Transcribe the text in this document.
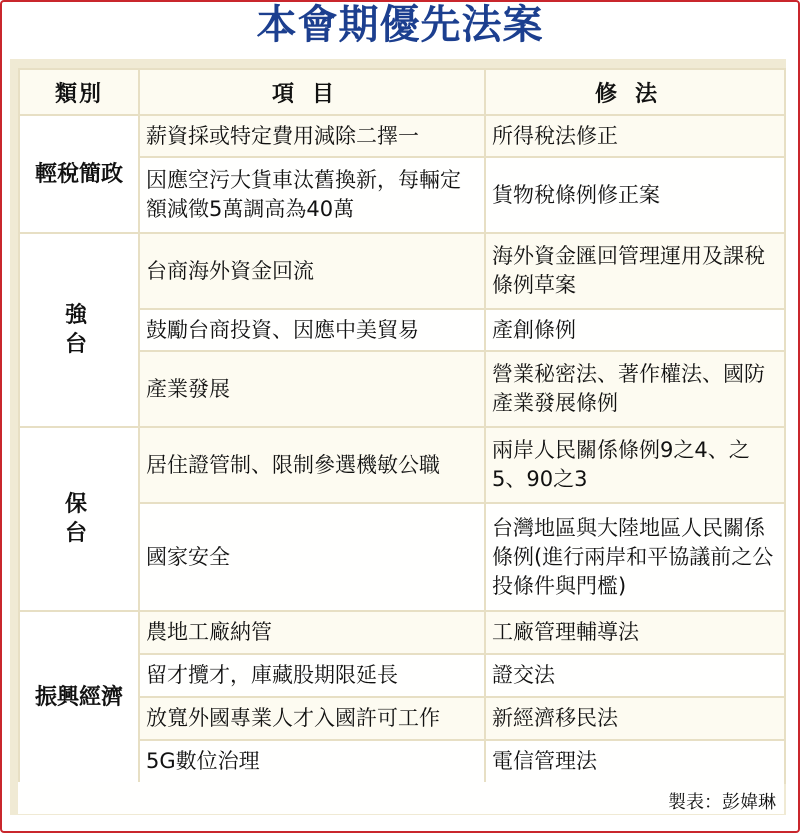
本會期優先法案
類別	項目	修法
輕稅簡政	薪資採或特定費用減除二擇一	所得稅法修正
	因應空污大貨車汰舊換新，每輛定額減徵5萬調高為40萬	貨物稅條例修正案
強台	台商海外資金回流	海外資金匯回管理運用及課稅條例草案
	鼓勵台商投資、因應中美貿易	產創條例
	產業發展	營業秘密法、著作權法、國防產業發展條例
保台	居住證管制、限制參選機敏公職	兩岸人民關係條例9之4、之5、90之3
	國家安全	台灣地區與大陸地區人民關係條例(進行兩岸和平協議前之公投條件與門檻)
振興經濟	農地工廠納管	工廠管理輔導法
	留才攬才，庫藏股期限延長	證交法
	放寬外國專業人才入國許可工作	新經濟移民法
	5G數位治理	電信管理法
製表：彭媁琳
